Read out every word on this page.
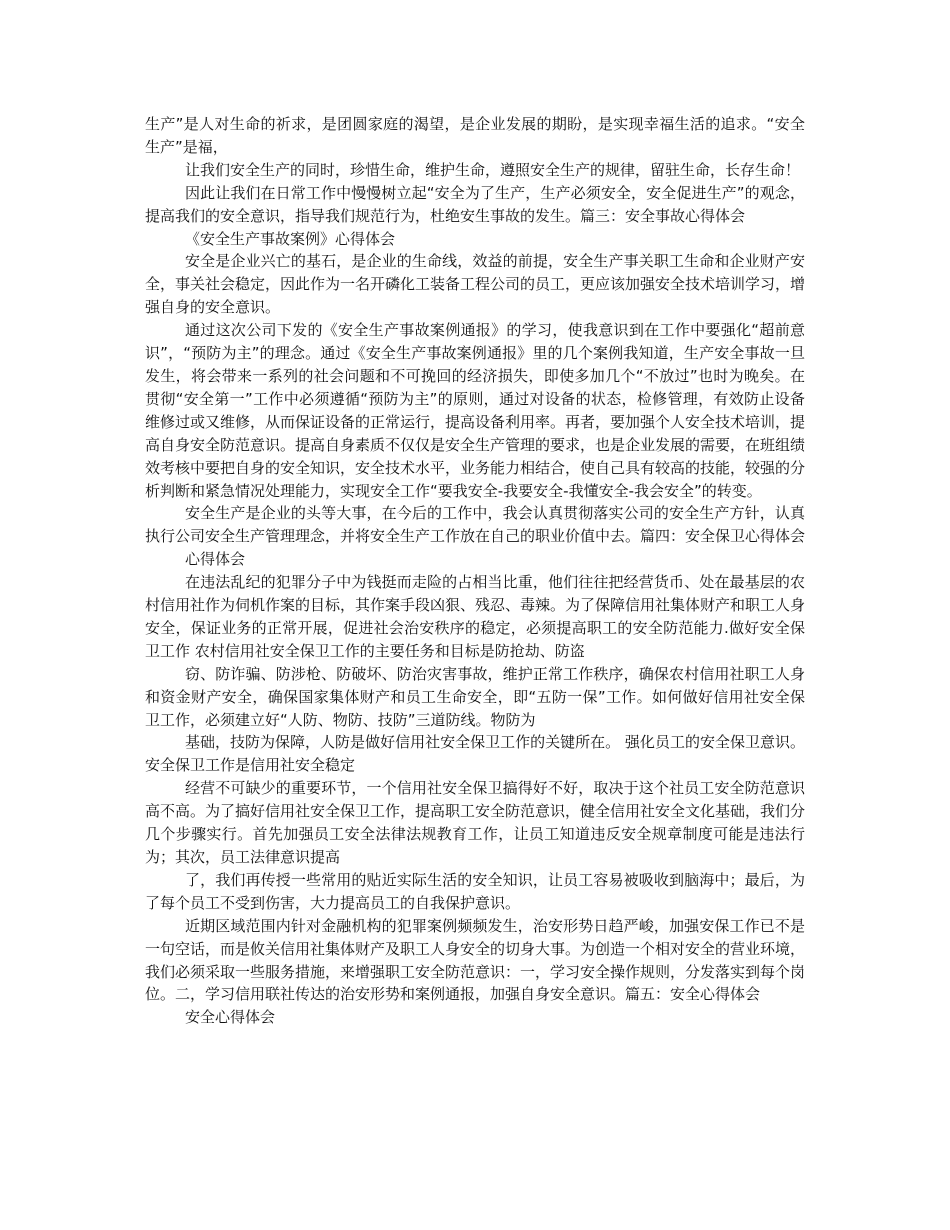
生产”是人对生命的祈求，是团圆家庭的渴望，是企业发展的期盼，是实现幸福生活的追求。“安全生产”是福，

让我们安全生产的同时，珍惜生命，维护生命，遵照安全生产的规律，留驻生命，长存生命！

因此让我们在日常工作中慢慢树立起“安全为了生产，生产必须安全，安全促进生产”的观念，提高我们的安全意识，指导我们规范行为，杜绝安生事故的发生。篇三：安全事故心得体会

《安全生产事故案例》心得体会

安全是企业兴亡的基石，是企业的生命线，效益的前提，安全生产事关职工生命和企业财产安全，事关社会稳定，因此作为一名开磷化工装备工程公司的员工，更应该加强安全技术培训学习，增强自身的安全意识。

通过这次公司下发的《安全生产事故案例通报》的学习，使我意识到在工作中要强化“超前意识”，“预防为主”的理念。通过《安全生产事故案例通报》里的几个案例我知道，生产安全事故一旦发生，将会带来一系列的社会问题和不可挽回的经济损失，即使多加几个“不放过”也时为晚矣。在贯彻“安全第一”工作中必须遵循“预防为主”的原则，通过对设备的状态，检修管理，有效防止设备维修过或又维修，从而保证设备的正常运行，提高设备利用率。再者，要加强个人安全技术培训，提高自身安全防范意识。提高自身素质不仅仅是安全生产管理的要求，也是企业发展的需要，在班组绩效考核中要把自身的安全知识，安全技术水平，业务能力相结合，使自己具有较高的技能，较强的分析判断和紧急情况处理能力，实现安全工作“要我安全-我要安全-我懂安全-我会安全”的转变。

安全生产是企业的头等大事，在今后的工作中，我会认真贯彻落实公司的安全生产方针，认真执行公司安全生产管理理念，并将安全生产工作放在自己的职业价值中去。篇四：安全保卫心得体会

心得体会

在违法乱纪的犯罪分子中为钱挺而走险的占相当比重，他们往往把经营货币、处在最基层的农村信用社作为伺机作案的目标，其作案手段凶狠、残忍、毒辣。为了保障信用社集体财产和职工人身安全，保证业务的正常开展，促进社会治安秩序的稳定，必须提高职工的安全防范能力.做好安全保卫工作 农村信用社安全保卫工作的主要任务和目标是防抢劫、防盗

窃、防诈骗、防涉枪、防破坏、防治灾害事故，维护正常工作秩序，确保农村信用社职工人身和资金财产安全，确保国家集体财产和员工生命安全，即“五防一保”工作。如何做好信用社安全保卫工作，必须建立好“人防、物防、技防”三道防线。物防为

基础，技防为保障，人防是做好信用社安全保卫工作的关键所在。 强化员工的安全保卫意识。安全保卫工作是信用社安全稳定

经营不可缺少的重要环节，一个信用社安全保卫搞得好不好，取决于这个社员工安全防范意识高不高。为了搞好信用社安全保卫工作，提高职工安全防范意识，健全信用社安全文化基础，我们分几个步骤实行。首先加强员工安全法律法规教育工作，让员工知道违反安全规章制度可能是违法行为；其次，员工法律意识提高

了，我们再传授一些常用的贴近实际生活的安全知识，让员工容易被吸收到脑海中；最后，为了每个员工不受到伤害，大力提高员工的自我保护意识。

近期区域范围内针对金融机构的犯罪案例频频发生，治安形势日趋严峻，加强安保工作已不是一句空话，而是攸关信用社集体财产及职工人身安全的切身大事。为创造一个相对安全的营业环境，我们必须采取一些服务措施，来增强职工安全防范意识：一，学习安全操作规则，分发落实到每个岗位。二，学习信用联社传达的治安形势和案例通报，加强自身安全意识。篇五：安全心得体会

安全心得体会
